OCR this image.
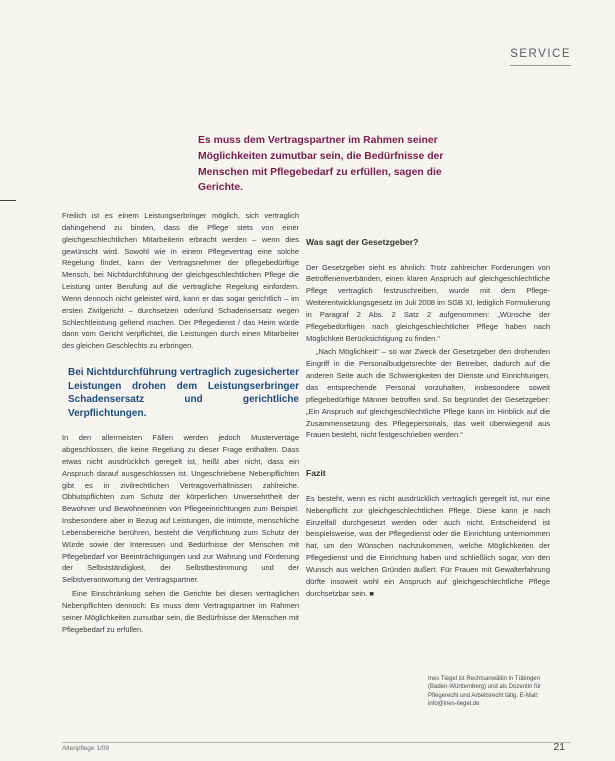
SERVICE
Es muss dem Vertragspartner im Rahmen seiner Möglichkeiten zumutbar sein, die Bedürfnisse der Menschen mit Pflegebedarf zu erfüllen, sagen die Gerichte.

Freilich ist es einem Leistungserbringer möglich, sich vertraglich dahingehend zu binden, dass die Pflege stets von einer gleichgeschlechtlichen Mitarbeiterin erbracht werden – wenn dies gewünscht wird. Sowohl wie in einem Pflegevertrag eine solche Regelung findet, kann der Vertragsnehmer der pflegebedürftige Mensch, bei Nichtdurchführung der gleichgeschlechtlichen Pflege die Leistung unter Berufung auf die vertragliche Regelung einfordern. Wenn dennoch nicht geleistet wird, kann er das sogar gerichtlich – im ersten Zivilgericht – durchsetzen oder/und Schadensersatz wegen Schlechtleistung geltend machen. Der Pflegedienst / das Heim würde dann vom Gericht verpflichtet, die Leistungen durch einen Mitarbeiter des gleichen Geschlechts zu erbringen.

Bei Nichtdurchführung vertraglich zugesicherter Leistungen drohen dem Leistungserbringer Schadensersatz und gerichtliche Verpflichtungen.

In den allermeisten Fällen werden jedoch Mustervertäge abgeschlossen, die keine Regelung zu dieser Frage enthalten. Dass etwas nicht ausdrücklich geregelt ist, heißt aber nicht, dass ein Anspruch darauf ausgeschlossen ist. Ungeschriebene Nebenpflichten gibt es in zivilrechtlichen Vertragsverhältnissen zahlreiche. Obhutspflichten zum Schutz der körperlichen Unversehrtheit der Bewohner und Bewohnerinnen von Pflegeeinrichtungen zum Beispiel. Insbesondere aber in Bezug auf Leistungen, die intimste, menschliche Lebensbereiche berühren, besteht die Verpflichtung zum Schutz der Würde sowie der Interessen und Bedürfnisse der Menschen mit Pflegebedarf vor Beeinträchtigungen und zur Wahrung und Förderung der Selbstständigkeit, der Selbstbestimmung und der Selbstverantwortung der Vertragspartner.

Eine Einschränkung sehen die Gerichte bei diesen vertraglichen Nebenpflichten dennoch: Es muss dem Vertragspartner im Rahmen seiner Möglichkeiten zumutbar sein, die Bedürfnisse der Menschen mit Pflegebedarf zu erfüllen.

Was sagt der Gesetzgeber?

Der Gesetzgeber sieht es ähnlich: Trotz zahlreicher Forderungen von Betroffenenverbänden, einen klaren Anspruch auf gleichgeschlechtliche Pflege vertraglich festzuschreiben, wurde mit dem Pflege-Weiterentwicklungsgesetz im Juli 2008 im SGB XI, lediglich Formulierung in Paragraf 2 Abs. 2 Satz 2 aufgenommen: „Wünsche der Pflegebedürftigen nach gleichgeschlechtlicher Pflege haben nach Möglichkeit Berücksichtigung zu finden.“

„Nach Möglichkeit“ – so war Zweck der Gesetzgeber den drohenden Eingriff in die Personalbudgetsrechte der Betreiber, dadurch auf die anderen Seite auch die Schwierigkeiten der Dienste und Einrichtungen, das entsprechende Personal vorzuhalten, insbesondere soweit pflegebedürftige Männer betroffen sind. So begründet der Gesetzgeber: „Ein Anspruch auf gleichgeschlechtliche Pflege kann im Hinblick auf die Zusammensetzung des Pflegepersonals, das weit überwiegend aus Frauen besteht, nicht festgeschrieben werden.“

Fazit

Es besteht, wenn es nicht ausdrücklich vertraglich geregelt ist, nur eine Nebenpflicht zur gleichgeschlechtlichen Pflege. Diese kann je nach Einzelfall durchgesetzt werden oder auch nicht. Entscheidend ist beispielsweise, was der Pflegedienst oder die Einrichtung unternommen hat, um den Wünschen nachzukommen, welche Möglichkeiten der Pflegedienst und die Einrichtung haben und schließlich sogar, von den Wunsch aus welchen Gründen äußert. Für Frauen mit Gewalterfahrung dürfte insoweit wohl ein Anspruch auf gleichgeschlechtliche Pflege durchsetzbar sein. ■

Ines Tiegel ist Rechtsanwältin in Tübingen (Baden-Württemberg) und als Dozentin für Pflegerecht und Arbeitsrecht tätig. E-Mail: info@ines-tiegel.de
Altenpflege 1/09	21
